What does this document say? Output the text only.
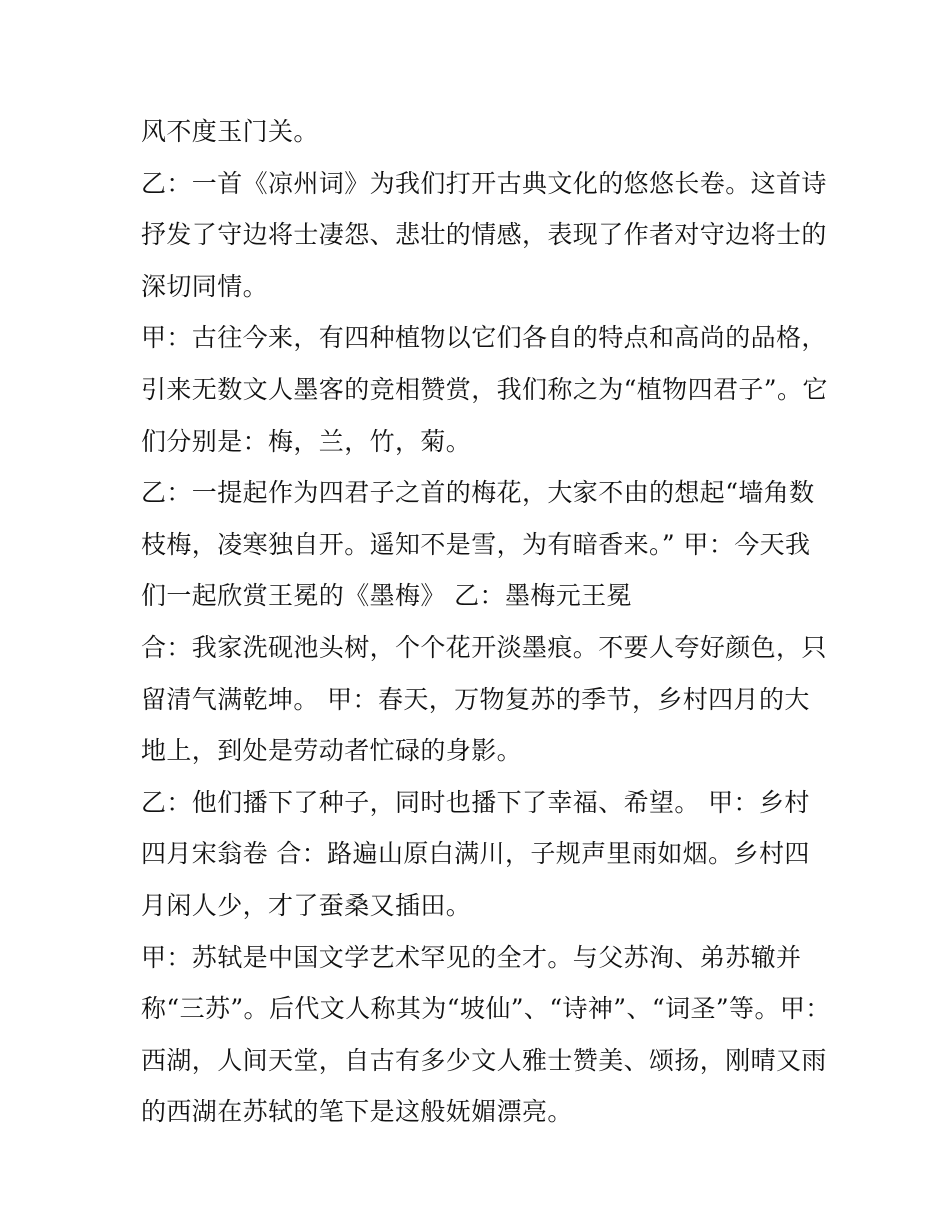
风不度玉门关。
乙：一首《凉州词》为我们打开古典文化的悠悠长卷。这首诗
抒发了守边将士凄怨、悲壮的情感，表现了作者对守边将士的
深切同情。
甲：古往今来，有四种植物以它们各自的特点和高尚的品格，
引来无数文人墨客的竞相赞赏，我们称之为“植物四君子”。它
们分别是：梅，兰，竹，菊。
乙：一提起作为四君子之首的梅花，大家不由的想起“墙角数
枝梅，凌寒独自开。遥知不是雪，为有暗香来。” 甲：今天我
们一起欣赏王冕的《墨梅》 乙：墨梅元王冕
合：我家洗砚池头树，个个花开淡墨痕。不要人夸好颜色，只
留清气满乾坤。 甲：春天，万物复苏的季节，乡村四月的大
地上，到处是劳动者忙碌的身影。
乙：他们播下了种子，同时也播下了幸福、希望。 甲：乡村
四月宋翁卷 合：路遍山原白满川，子规声里雨如烟。乡村四
月闲人少，才了蚕桑又插田。
甲：苏轼是中国文学艺术罕见的全才。与父苏洵、弟苏辙并
称“三苏”。后代文人称其为“坡仙”、“诗神”、“词圣”等。甲：
西湖，人间天堂，自古有多少文人雅士赞美、颂扬，刚晴又雨
的西湖在苏轼的笔下是这般妩媚漂亮。
